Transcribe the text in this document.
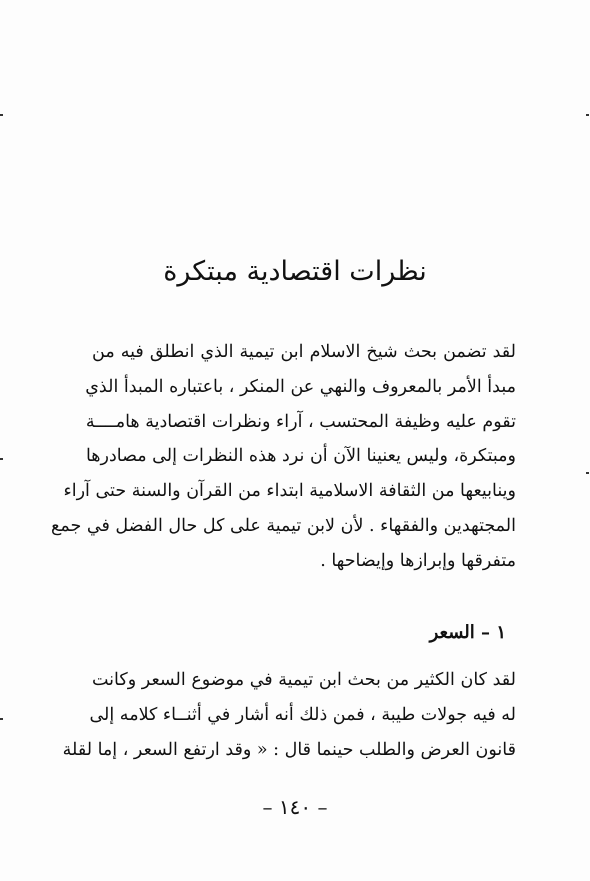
نظرات اقتصادية مبتكرة
لقد تضمن بحث شيخ الاسلام ابن تيمية الذي انطلق فيه من
مبدأ الأمر بالمعروف والنهي عن المنكر ، باعتباره المبدأ الذي
تقوم عليه وظيفة المحتسب ، آراء ونظرات اقتصادية هامــــة
ومبتكرة، وليس يعنينا الآن أن نرد هذه النظرات إلى مصادرها
وينابيعها من الثقافة الاسلامية ابتداء من القرآن والسنة حتى آراء
المجتهدين والفقهاء . لأن لابن تيمية على كل حال الفضل في جمع
متفرقها وإبرازها وإيضاحها .
١ – السعر
لقد كان الكثير من بحث ابن تيمية في موضوع السعر وكانت
له فيه جولات طيبة ، فمن ذلك أنه أشار في أثنــاء كلامه إلى
قانون العرض والطلب حينما قال : « وقد ارتفع السعر ، إما لقلة
– ١٤٠ –
